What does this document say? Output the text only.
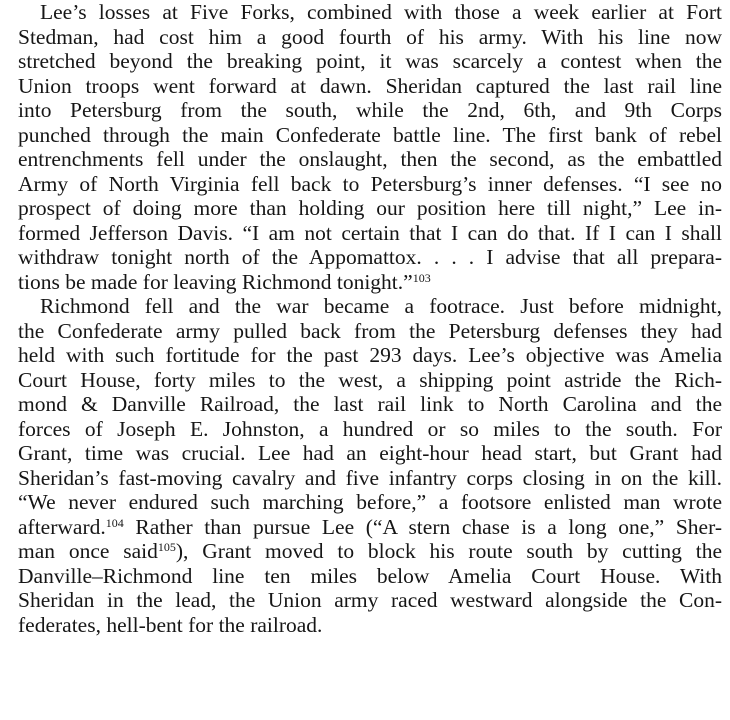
Lee’s losses at Five Forks, combined with those a week earlier at Fort
Stedman, had cost him a good fourth of his army. With his line now
stretched beyond the breaking point, it was scarcely a contest when the
Union troops went forward at dawn. Sheridan captured the last rail line
into Petersburg from the south, while the 2nd, 6th, and 9th Corps
punched through the main Confederate battle line. The first bank of rebel
entrenchments fell under the onslaught, then the second, as the embattled
Army of North Virginia fell back to Petersburg’s inner defenses. “I see no
prospect of doing more than holding our position here till night,” Lee in-
formed Jefferson Davis. “I am not certain that I can do that. If I can I shall
withdraw tonight north of the Appomattox. . . . I advise that all prepara-
tions be made for leaving Richmond tonight.”$^{103}$
Richmond fell and the war became a footrace. Just before midnight,
the Confederate army pulled back from the Petersburg defenses they had
held with such fortitude for the past 293 days. Lee’s objective was Amelia
Court House, forty miles to the west, a shipping point astride the Rich-
mond & Danville Railroad, the last rail link to North Carolina and the
forces of Joseph E. Johnston, a hundred or so miles to the south. For
Grant, time was crucial. Lee had an eight-hour head start, but Grant had
Sheridan’s fast-moving cavalry and five infantry corps closing in on the kill.
“We never endured such marching before,” a footsore enlisted man wrote
afterward.$^{104}$ Rather than pursue Lee (“A stern chase is a long one,” Sher-
man once said$^{105}$), Grant moved to block his route south by cutting the
Danville–Richmond line ten miles below Amelia Court House. With
Sheridan in the lead, the Union army raced westward alongside the Con-
federates, hell-bent for the railroad.
